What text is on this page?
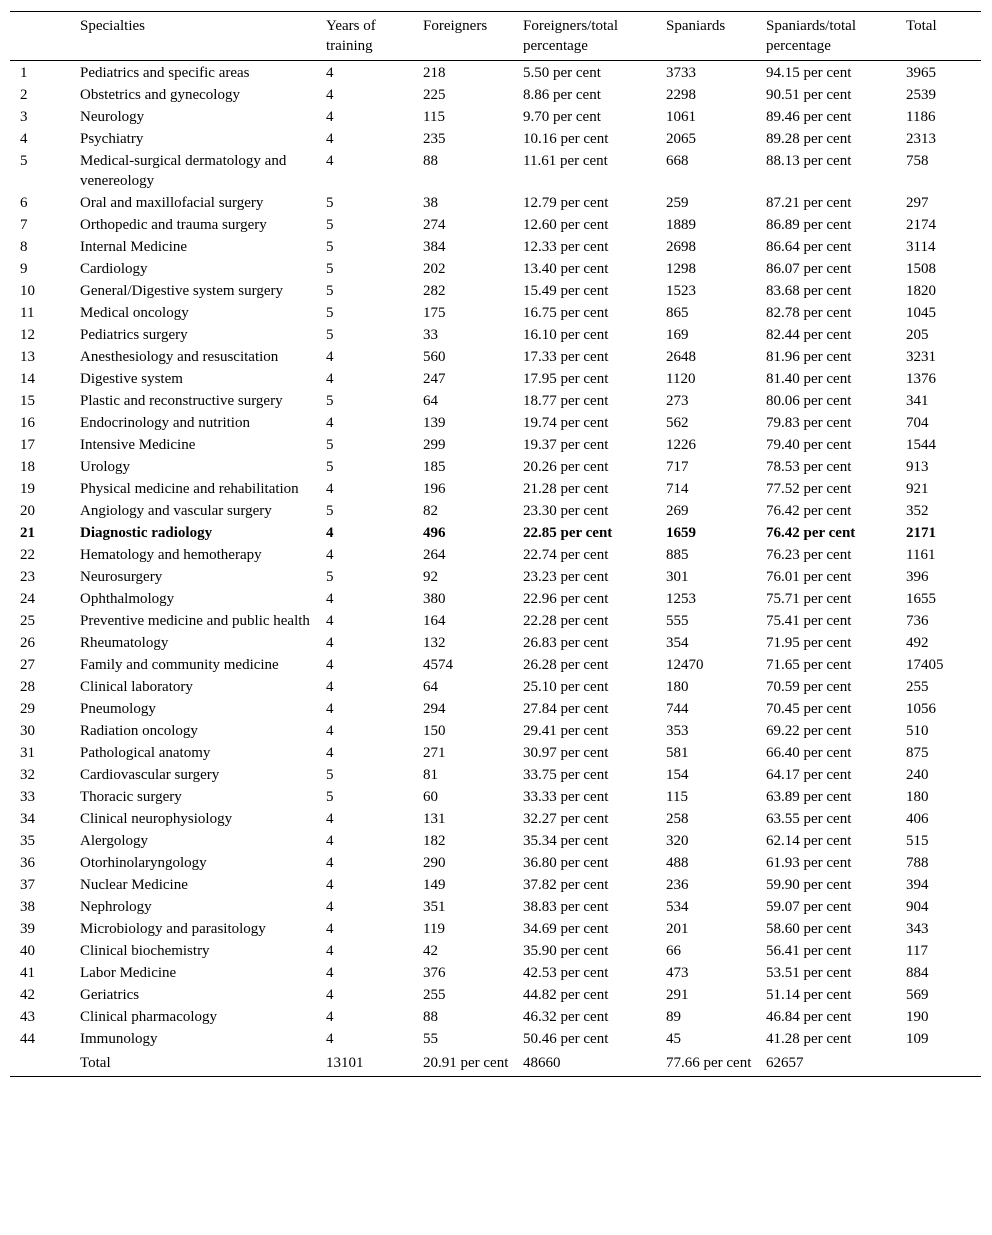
	Specialties	Years of training	Foreigners	Foreigners/total percentage	Spaniards	Spaniards/total percentage	Total
1	Pediatrics and specific areas	4	218	5.50 per cent	3733	94.15 per cent	3965
2	Obstetrics and gynecology	4	225	8.86 per cent	2298	90.51 per cent	2539
3	Neurology	4	115	9.70 per cent	1061	89.46 per cent	1186
4	Psychiatry	4	235	10.16 per cent	2065	89.28 per cent	2313
5	Medical-surgical dermatology and venereology	4	88	11.61 per cent	668	88.13 per cent	758
6	Oral and maxillofacial surgery	5	38	12.79 per cent	259	87.21 per cent	297
7	Orthopedic and trauma surgery	5	274	12.60 per cent	1889	86.89 per cent	2174
8	Internal Medicine	5	384	12.33 per cent	2698	86.64 per cent	3114
9	Cardiology	5	202	13.40 per cent	1298	86.07 per cent	1508
10	General/Digestive system surgery	5	282	15.49 per cent	1523	83.68 per cent	1820
11	Medical oncology	5	175	16.75 per cent	865	82.78 per cent	1045
12	Pediatrics surgery	5	33	16.10 per cent	169	82.44 per cent	205
13	Anesthesiology and resuscitation	4	560	17.33 per cent	2648	81.96 per cent	3231
14	Digestive system	4	247	17.95 per cent	1120	81.40 per cent	1376
15	Plastic and reconstructive surgery	5	64	18.77 per cent	273	80.06 per cent	341
16	Endocrinology and nutrition	4	139	19.74 per cent	562	79.83 per cent	704
17	Intensive Medicine	5	299	19.37 per cent	1226	79.40 per cent	1544
18	Urology	5	185	20.26 per cent	717	78.53 per cent	913
19	Physical medicine and rehabilitation	4	196	21.28 per cent	714	77.52 per cent	921
20	Angiology and vascular surgery	5	82	23.30 per cent	269	76.42 per cent	352
21	Diagnostic radiology	4	496	22.85 per cent	1659	76.42 per cent	2171
22	Hematology and hemotherapy	4	264	22.74 per cent	885	76.23 per cent	1161
23	Neurosurgery	5	92	23.23 per cent	301	76.01 per cent	396
24	Ophthalmology	4	380	22.96 per cent	1253	75.71 per cent	1655
25	Preventive medicine and public health	4	164	22.28 per cent	555	75.41 per cent	736
26	Rheumatology	4	132	26.83 per cent	354	71.95 per cent	492
27	Family and community medicine	4	4574	26.28 per cent	12470	71.65 per cent	17405
28	Clinical laboratory	4	64	25.10 per cent	180	70.59 per cent	255
29	Pneumology	4	294	27.84 per cent	744	70.45 per cent	1056
30	Radiation oncology	4	150	29.41 per cent	353	69.22 per cent	510
31	Pathological anatomy	4	271	30.97 per cent	581	66.40 per cent	875
32	Cardiovascular surgery	5	81	33.75 per cent	154	64.17 per cent	240
33	Thoracic surgery	5	60	33.33 per cent	115	63.89 per cent	180
34	Clinical neurophysiology	4	131	32.27 per cent	258	63.55 per cent	406
35	Alergology	4	182	35.34 per cent	320	62.14 per cent	515
36	Otorhinolaryngology	4	290	36.80 per cent	488	61.93 per cent	788
37	Nuclear Medicine	4	149	37.82 per cent	236	59.90 per cent	394
38	Nephrology	4	351	38.83 per cent	534	59.07 per cent	904
39	Microbiology and parasitology	4	119	34.69 per cent	201	58.60 per cent	343
40	Clinical biochemistry	4	42	35.90 per cent	66	56.41 per cent	117
41	Labor Medicine	4	376	42.53 per cent	473	53.51 per cent	884
42	Geriatrics	4	255	44.82 per cent	291	51.14 per cent	569
43	Clinical pharmacology	4	88	46.32 per cent	89	46.84 per cent	190
44	Immunology	4	55	50.46 per cent	45	41.28 per cent	109
	Total	13101	20.91 per cent	48660	77.66 per cent	62657	
